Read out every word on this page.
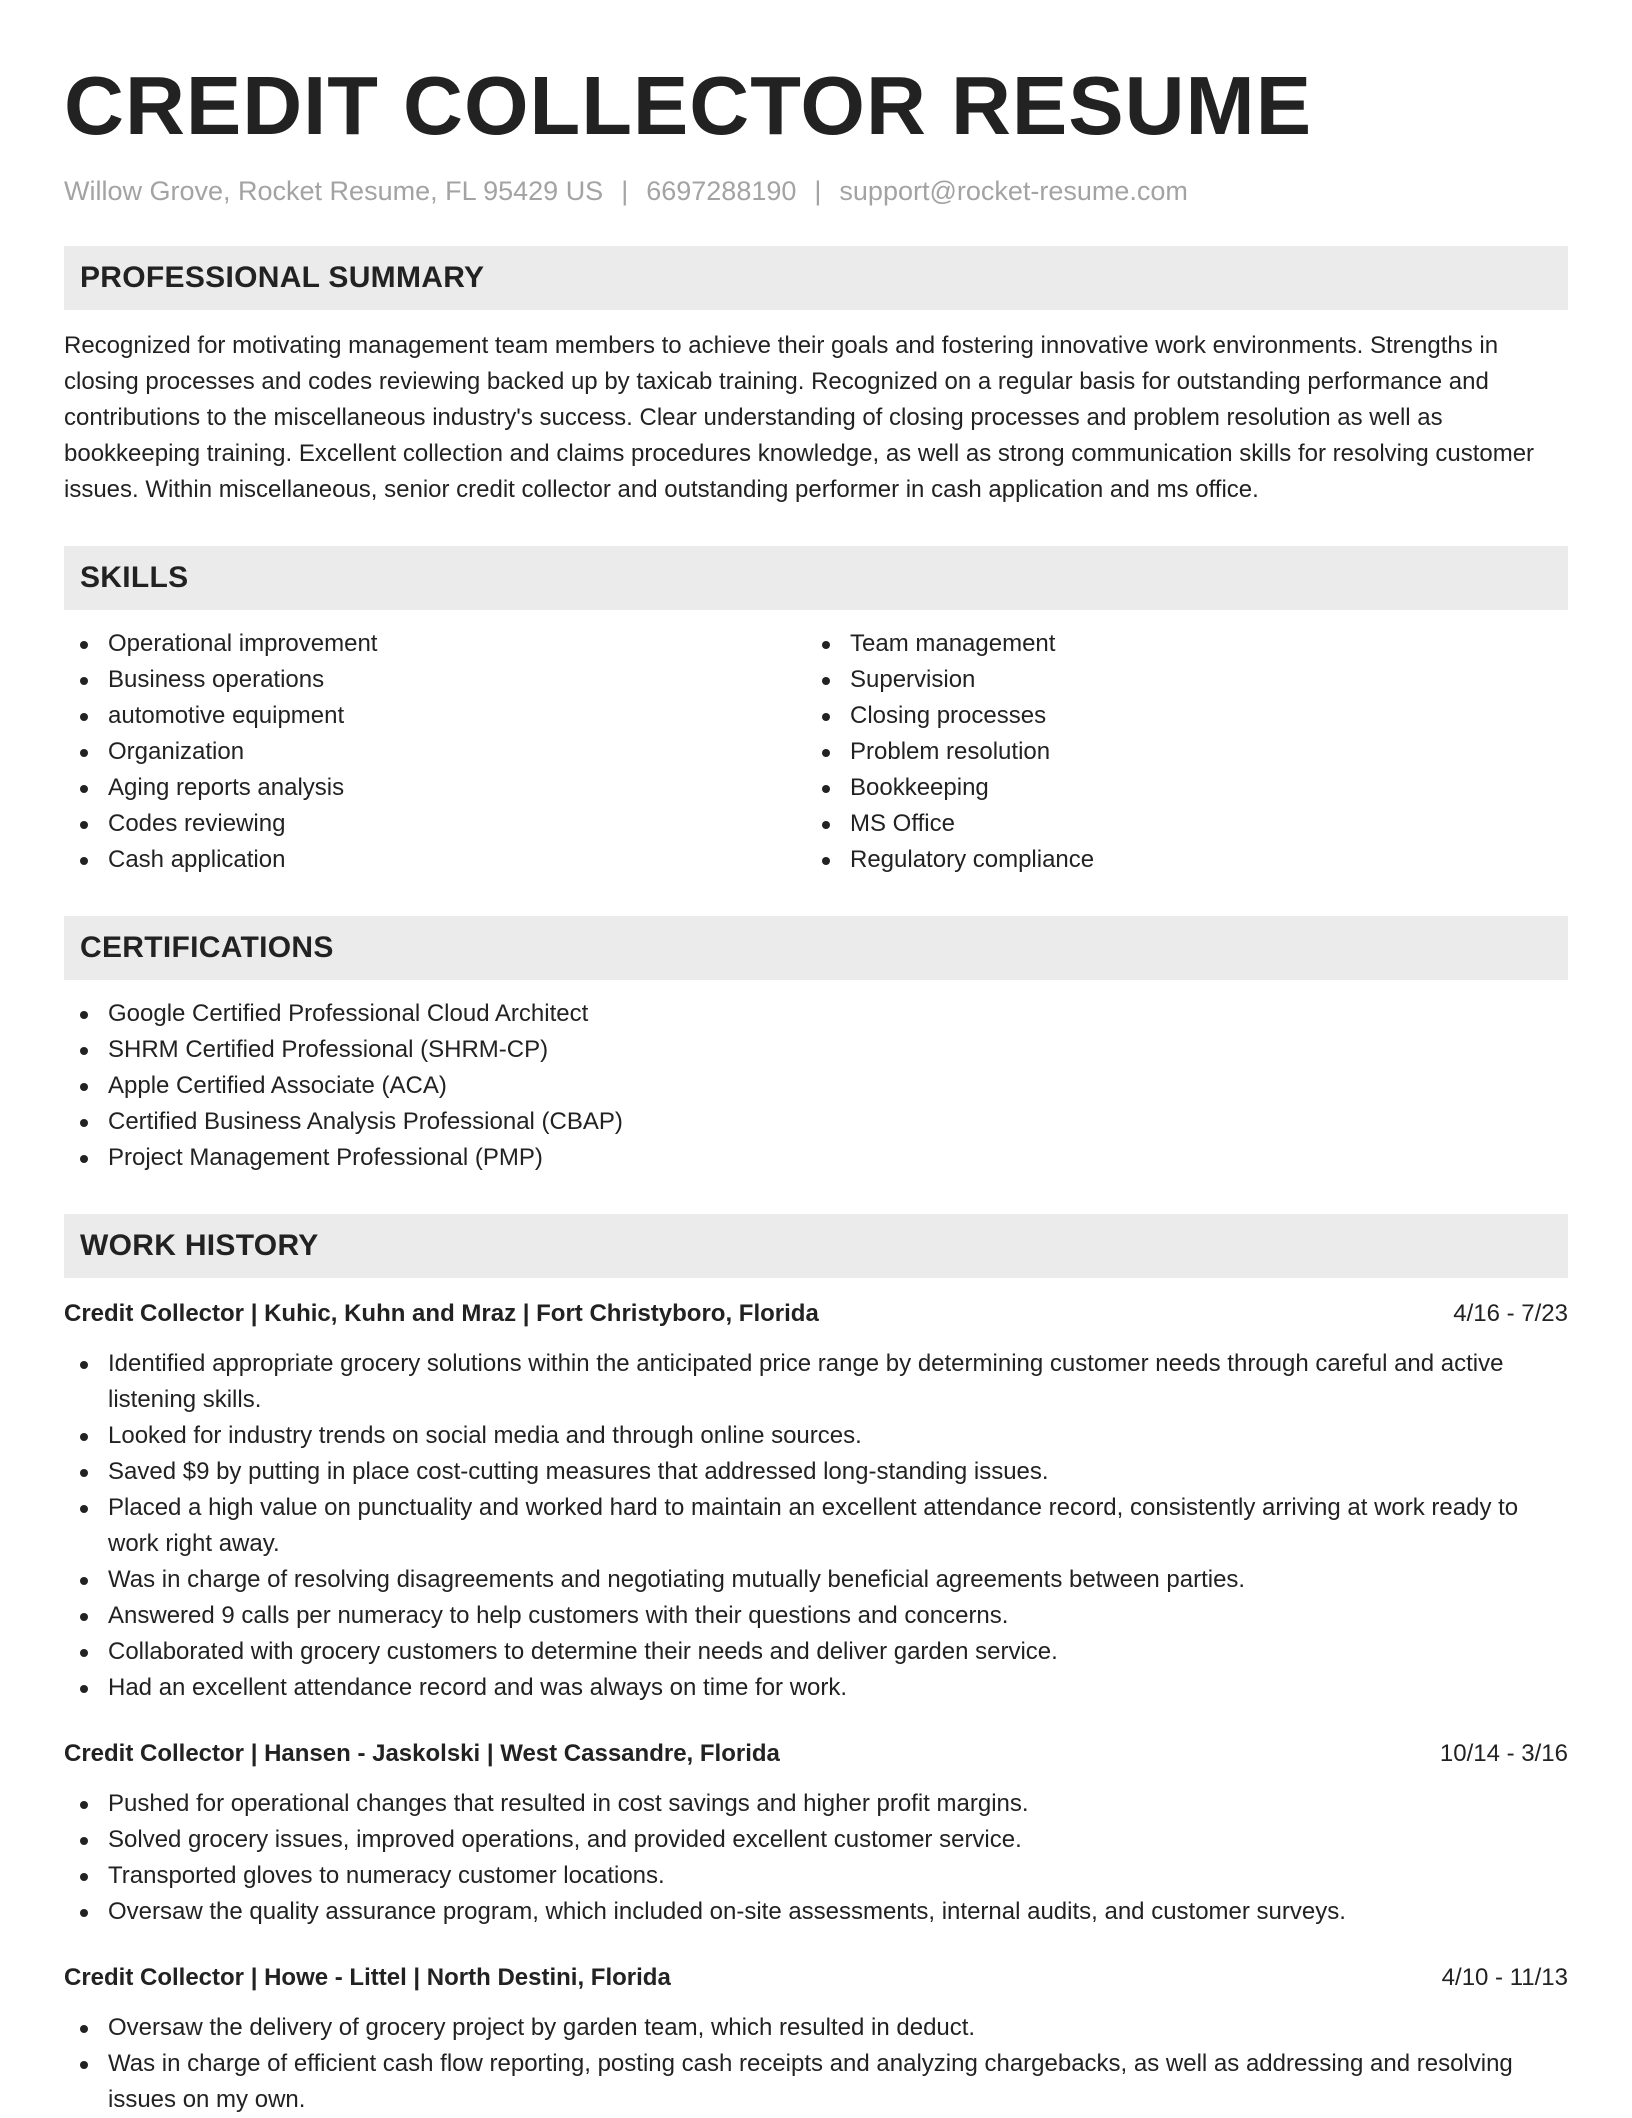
CREDIT COLLECTOR RESUME
Willow Grove, Rocket Resume, FL 95429 US | 6697288190 | support@rocket-resume.com
PROFESSIONAL SUMMARY
Recognized for motivating management team members to achieve their goals and fostering innovative work environments. Strengths in closing processes and codes reviewing backed up by taxicab training. Recognized on a regular basis for outstanding performance and contributions to the miscellaneous industry's success. Clear understanding of closing processes and problem resolution as well as bookkeeping training. Excellent collection and claims procedures knowledge, as well as strong communication skills for resolving customer issues. Within miscellaneous, senior credit collector and outstanding performer in cash application and ms office.
SKILLS
Operational improvement
Business operations
automotive equipment
Organization
Aging reports analysis
Codes reviewing
Cash application
Team management
Supervision
Closing processes
Problem resolution
Bookkeeping
MS Office
Regulatory compliance
CERTIFICATIONS
Google Certified Professional Cloud Architect
SHRM Certified Professional (SHRM-CP)
Apple Certified Associate (ACA)
Certified Business Analysis Professional (CBAP)
Project Management Professional (PMP)
WORK HISTORY
Credit Collector | Kuhic, Kuhn and Mraz | Fort Christyboro, Florida	4/16 - 7/23
Identified appropriate grocery solutions within the anticipated price range by determining customer needs through careful and active listening skills.
Looked for industry trends on social media and through online sources.
Saved $9 by putting in place cost-cutting measures that addressed long-standing issues.
Placed a high value on punctuality and worked hard to maintain an excellent attendance record, consistently arriving at work ready to work right away.
Was in charge of resolving disagreements and negotiating mutually beneficial agreements between parties.
Answered 9 calls per numeracy to help customers with their questions and concerns.
Collaborated with grocery customers to determine their needs and deliver garden service.
Had an excellent attendance record and was always on time for work.
Credit Collector | Hansen - Jaskolski | West Cassandre, Florida	10/14 - 3/16
Pushed for operational changes that resulted in cost savings and higher profit margins.
Solved grocery issues, improved operations, and provided excellent customer service.
Transported gloves to numeracy customer locations.
Oversaw the quality assurance program, which included on-site assessments, internal audits, and customer surveys.
Credit Collector | Howe - Littel | North Destini, Florida	4/10 - 11/13
Oversaw the delivery of grocery project by garden team, which resulted in deduct.
Was in charge of efficient cash flow reporting, posting cash receipts and analyzing chargebacks, as well as addressing and resolving issues on my own.
